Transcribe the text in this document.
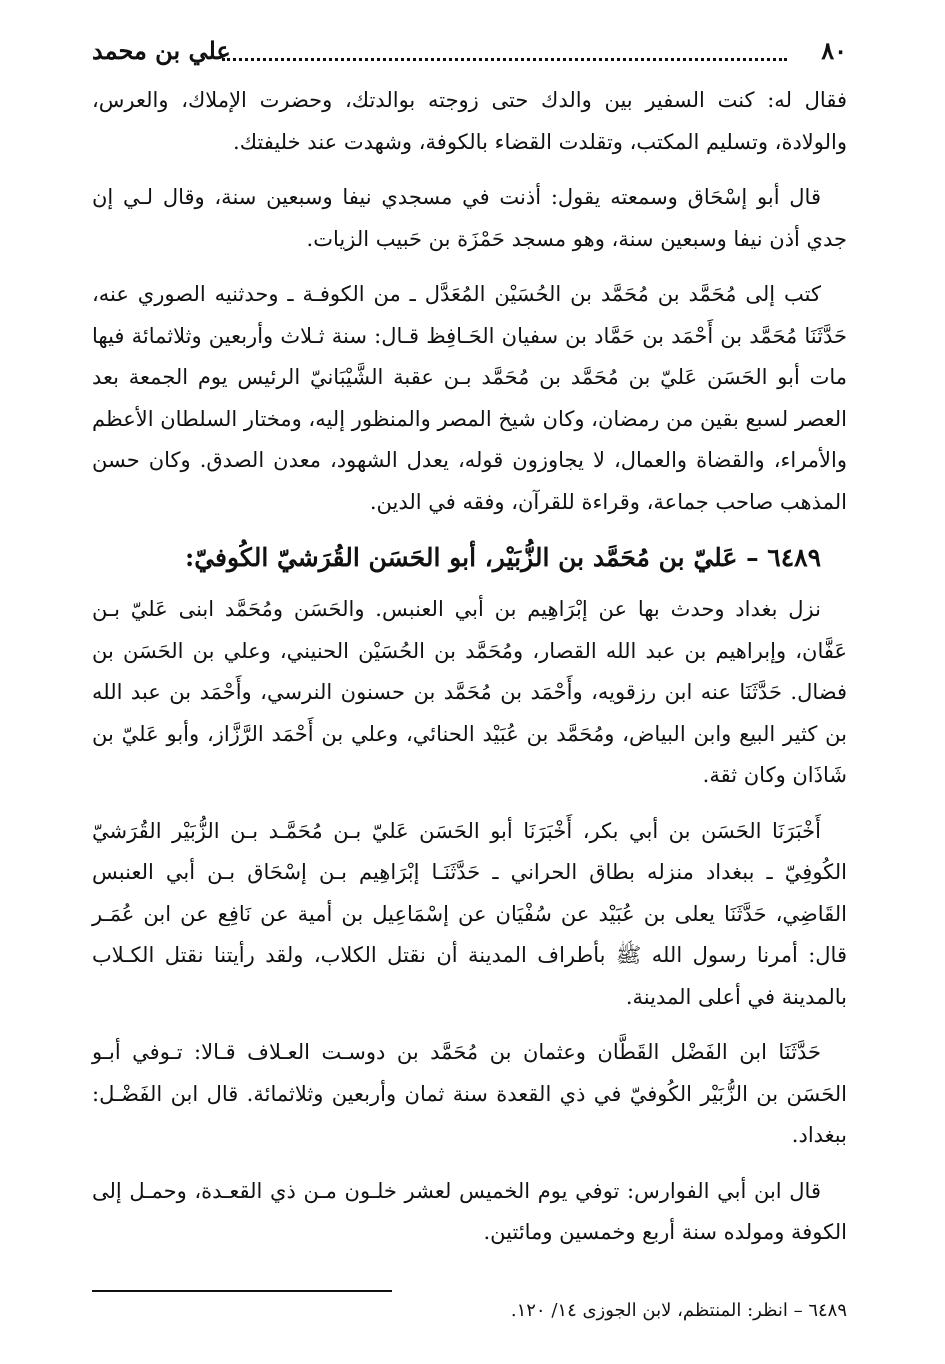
علي بن محمد	٨٠

فقال له: كنت السفير بين والدك حتى زوجته بوالدتك، وحضرت الإملاك، والعرس، والولادة، وتسليم المكتب، وتقلدت القضاء بالكوفة، وشهدت عند خليفتك.

قال أبو إسْحَاق وسمعته يقول: أذنت في مسجدي نيفا وسبعين سنة، وقال لـي إن جدي أذن نيفا وسبعين سنة، وهو مسجد حَمْزَة بن حَبيب الزيات.

كتب إلى مُحَمَّد بن مُحَمَّد بن الحُسَيْن المُعَدَّل ـ من الكوفـة ـ وحدثنيه الصوري عنه، حَدَّثَنَا مُحَمَّد بن أَحْمَد بن حَمَّاد بن سفيان الحَـافِظ قـال: سنة ثـلاث وأربعين وثلاثمائة فيها مات أبو الحَسَن عَليّ بن مُحَمَّد بن مُحَمَّد بـن عقبة الشَّيْبَانيّ الرئيس يوم الجمعة بعد العصر لسبع بقين من رمضان، وكان شيخ المصر والمنظور إليه، ومختار السلطان الأعظم والأمراء، والقضاة والعمال، لا يجاوزون قوله، يعدل الشهود، معدن الصدق. وكان حسن المذهب صاحب جماعة، وقراءة للقرآن، وفقه في الدين.

٦٤٨٩ – عَليّ بن مُحَمَّد بن الزُّبَيْر، أبو الحَسَن القُرَشيّ الكُوفيّ:

نزل بغداد وحدث بها عن إبْرَاهِيم بن أبي العنبس. والحَسَن ومُحَمَّد ابنى عَليّ بـن عَفَّان، وإبراهيم بن عبد الله القصار، ومُحَمَّد بن الحُسَيْن الحنيني، وعلي بن الحَسَن بن فضال. حَدَّثَنَا عنه ابن رزقويه، وأَحْمَد بن مُحَمَّد بن حسنون النرسي، وأَحْمَد بن عبد الله بن كثير البيع وابن البياض، ومُحَمَّد بن عُبَيْد الحنائي، وعلي بن أَحْمَد الرَّزَّاز، وأبو عَليّ بن شَاذَان وكان ثقة.

أَخْبَرَنَا الحَسَن بن أبي بكر، أَخْبَرَنَا أبو الحَسَن عَليّ بـن مُحَمَّـد بـن الزُّبَيْر القُرَشيّ الكُوفِيّ ـ ببغداد منزله بطاق الحراني ـ حَدَّثَنَـا إبْرَاهِيم بـن إسْحَاق بـن أبي العنبس القَاضِي، حَدَّثَنَا يعلى بن عُبَيْد عن سُفْيَان عن إسْمَاعِيل بن أمية عن نَافِع عن ابن عُمَـر قال: أمرنا رسول الله ﷺ بأطراف المدينة أن نقتل الكلاب، ولقد رأيتنا نقتل الكـلاب بالمدينة في أعلى المدينة.

حَدَّثَنَا ابن الفَضْل القَطَّان وعثمان بن مُحَمَّد بن دوسـت العـلاف قـالا: تـوفي أبـو الحَسَن بن الزُّبَيْر الكُوفيّ في ذي القعدة سنة ثمان وأربعين وثلاثمائة. قال ابن الفَضْـل: ببغداد.

قال ابن أبي الفوارس: توفي يوم الخميس لعشر خلـون مـن ذي القعـدة، وحمـل إلى الكوفة ومولده سنة أربع وخمسين ومائتين.

٦٤٨٩ – انظر: المنتظم، لابن الجوزى ١٤/ ١٢٠.
